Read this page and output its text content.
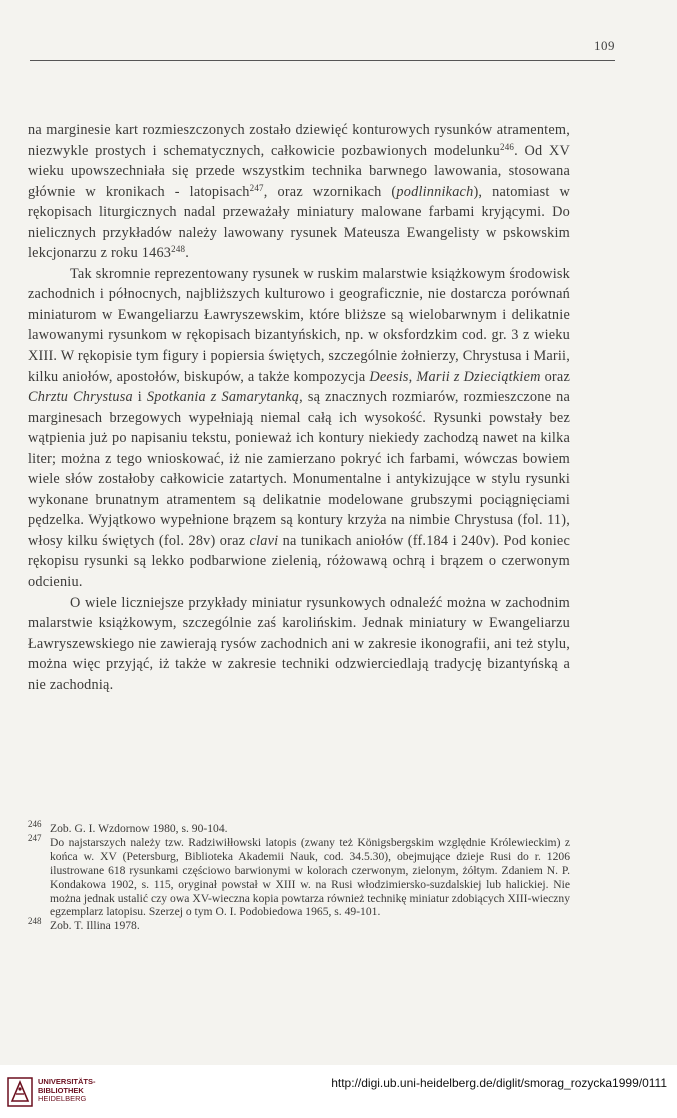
109

na marginesie kart rozmieszczonych zostało dziewięć konturowych rysunków atramentem, niezwykle prostych i schematycznych, całkowicie pozbawionych modelunku$^{246}$. Od XV wieku upowszechniała się przede wszystkim technika barwnego lawowania, stosowana głównie w kronikach - latopisach$^{247}$, oraz wzornikach (podlinnikach), natomiast w rękopisach liturgicznych nadal przeważały miniatury malowane farbami kryjącymi. Do nielicznych przykładów należy lawowany rysunek Mateusza Ewangelisty w pskowskim lekcjonarzu z roku 1463$^{248}$.

Tak skromnie reprezentowany rysunek w ruskim malarstwie książkowym środowisk zachodnich i północnych, najbliższych kulturowo i geograficznie, nie dostarcza porównań miniaturom w Ewangeliarzu Ławryszewskim, które bliższe są wielobarwnym i delikatnie lawowanymi rysunkom w rękopisach bizantyńskich, np. w oksfordzkim cod. gr. 3 z wieku XIII. W rękopisie tym figury i popiersia świętych, szczególnie żołnierzy, Chrystusa i Marii, kilku aniołów, apostołów, biskupów, a także kompozycja Deesis, Marii z Dzieciątkiem oraz Chrztu Chrystusa i Spotkania z Samarytanką, są znacznych rozmiarów, rozmieszczone na marginesach brzegowych wypełniają niemal całą ich wysokość. Rysunki powstały bez wątpienia już po napisaniu tekstu, ponieważ ich kontury niekiedy zachodzą nawet na kilka liter; można z tego wnioskować, iż nie zamierzano pokryć ich farbami, wówczas bowiem wiele słów zostałoby całkowicie zatartych. Monumentalne i antykizujące w stylu rysunki wykonane brunatnym atramentem są delikatnie modelowane grubszymi pociągnięciami pędzelka. Wyjątkowo wypełnione brązem są kontury krzyża na nimbie Chrystusa (fol. 11), włosy kilku świętych (fol. 28v) oraz clavi na tunikach aniołów (ff.184 i 240v). Pod koniec rękopisu rysunki są lekko podbarwione zielenią, różowawą ochrą i brązem o czerwonym odcieniu.

O wiele liczniejsze przykłady miniatur rysunkowych odnaleźć można w zachodnim malarstwie książkowym, szczególnie zaś karolińskim. Jednak miniatury w Ewangeliarzu Ławryszewskiego nie zawierają rysów zachodnich ani w zakresie ikonografii, ani też stylu, można więc przyjąć, iż także w zakresie techniki odzwierciedlają tradycję bizantyńską a nie zachodnią.

246 Zob. G. I. Wzdornow 1980, s. 90-104.
247 Do najstarszych należy tzw. Radziwiłłowski latopis (zwany też Königsbergskim względnie Królewieckim) z końca w. XV (Petersburg, Biblioteka Akademii Nauk, cod. 34.5.30), obejmujące dzieje Rusi do r. 1206 ilustrowane 618 rysunkami częściowo barwionymi w kolorach czerwonym, zielonym, żółtym. Zdaniem N. P. Kondakowa 1902, s. 115, oryginał powstał w XIII w. na Rusi włodzimiersko-suzdalskiej lub halickiej. Nie można jednak ustalić czy owa XV-wieczna kopia powtarza również technikę miniatur zdobiących XIII-wieczny egzemplarz latopisu. Szerzej o tym O. I. Podobiedowa 1965, s. 49-101.
248 Zob. T. Illina 1978.
UNIVERSITÄTS-
BIBLIOTHEK
HEIDELBERG
http://digi.ub.uni-heidelberg.de/diglit/smorag_rozycka1999/0111
